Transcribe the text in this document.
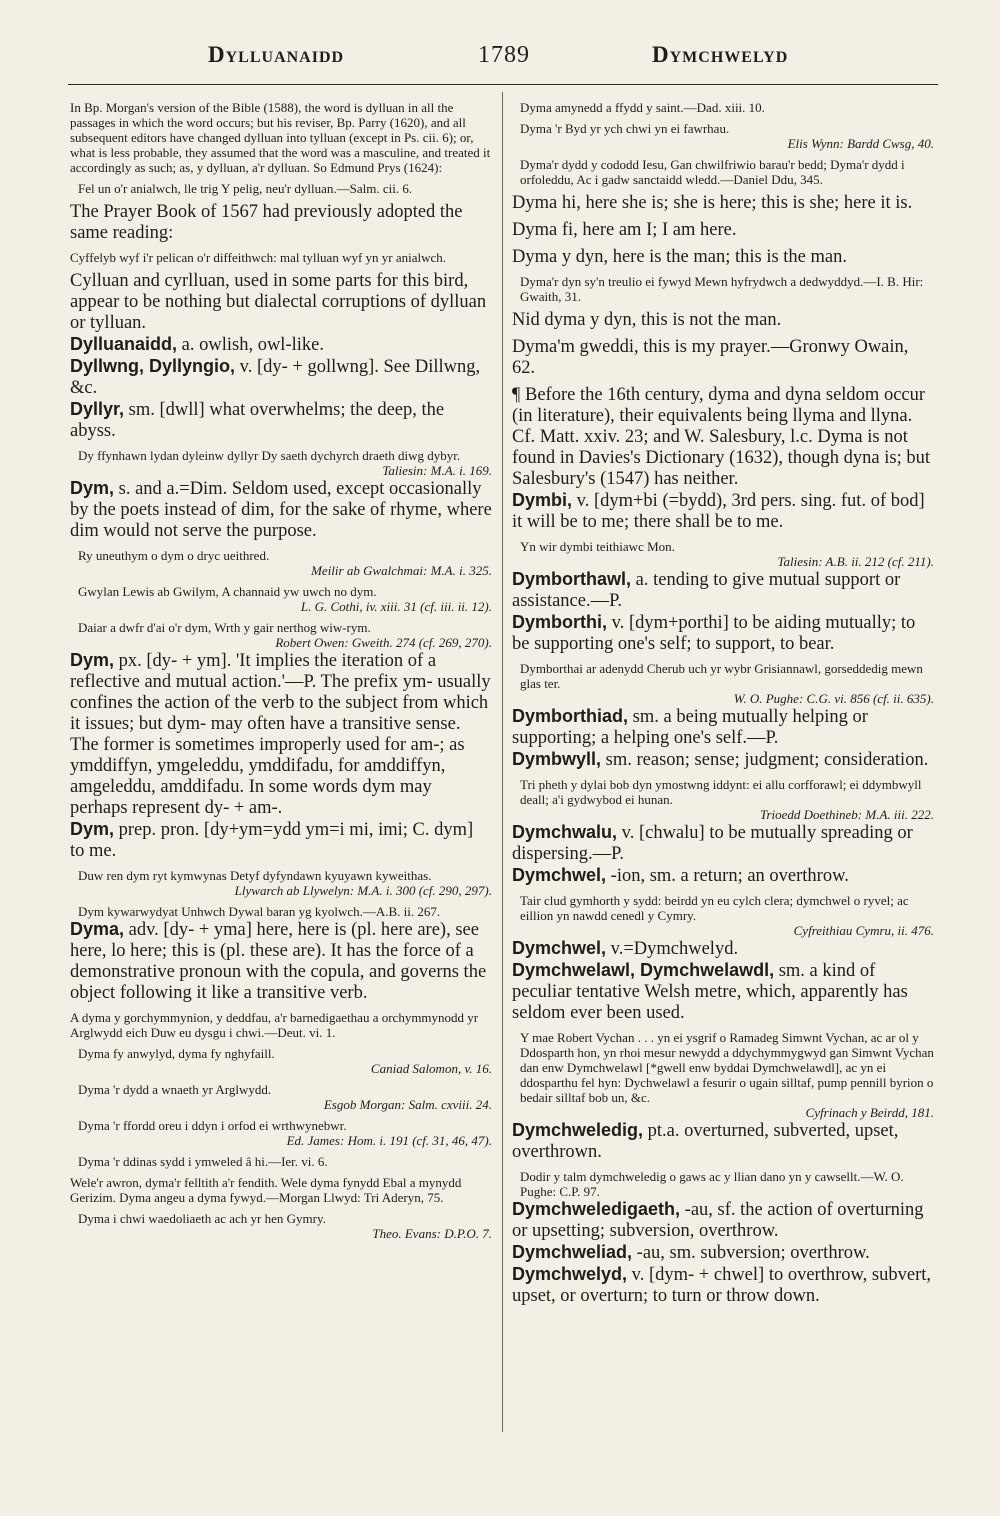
Dylluanaidd	1789	Dymchwelyd

In Bp. Morgan's version of the Bible (1588), the word is dylluan in all the passages in which the word occurs; but his reviser, Bp. Parry (1620), and all subsequent editors have changed dylluan into tylluan (except in Ps. cii. 6); or, what is less probable, they assumed that the word was a masculine, and treated it accordingly as such; as, y dylluan, a'r dylluan. So Edmund Prys (1624):

Fel un o'r anialwch, lle trig Y pelig, neu'r dylluan.—Salm. cii. 6.

The Prayer Book of 1567 had previously adopted the same reading:

Cyffelyb wyf i'r pelican o'r diffeithwch: mal tylluan wyf yn yr anialwch.

Cylluan and cyrlluan, used in some parts for this bird, appear to be nothing but dialectal corruptions of dylluan or tylluan.

Dylluanaidd, a. owlish, owl-like.

Dyllwng, Dyllyngio, v. [dy- + gollwng]. See Dillwng, &c.

Dyllyr, sm. [dwll] what overwhelms; the deep, the abyss.

Dy ffynhawn lydan dyleinw dyllyr Dy saeth dychyrch draeth diwg dybyr.

Taliesin: M.A. i. 169.

Dym, s. and a.=Dim. Seldom used, except occasionally by the poets instead of dim, for the sake of rhyme, where dim would not serve the purpose.

Ry uneuthym o dym o dryc ueithred.

Meilir ab Gwalchmai: M.A. i. 325.

Gwylan Lewis ab Gwilym, A channaid yw uwch no dym.

L. G. Cothi, iv. xiii. 31 (cf. iii. ii. 12).

Daiar a dwfr d'ai o'r dym, Wrth y gair nerthog wiw-rym.

Robert Owen: Gweith. 274 (cf. 269, 270).

Dym, px. [dy- + ym]. 'It implies the iteration of a reflective and mutual action.'—P. The prefix ym- usually confines the action of the verb to the subject from which it issues; but dym- may often have a transitive sense. The former is sometimes improperly used for am-; as ymddiffyn, ymgeleddu, ymddifadu, for amddiffyn, amgeleddu, amddifadu. In some words dym may perhaps represent dy- + am-.

Dym, prep. pron. [dy+ym=ydd ym=i mi, imi; C. dym] to me.

Duw ren dym ryt kymwynas Detyf dyfyndawn kyuyawn kyweithas.

Llywarch ab Llywelyn: M.A. i. 300 (cf. 290, 297).

Dym kywarwydyat Unhwch Dywal baran yg kyolwch.—A.B. ii. 267.

Dyma, adv. [dy- + yma] here, here is (pl. here are), see here, lo here; this is (pl. these are). It has the force of a demonstrative pronoun with the copula, and governs the object following it like a transitive verb.

A dyma y gorchymmynion, y deddfau, a'r barnedigaethau a orchymmynodd yr Arglwydd eich Duw eu dysgu i chwi.—Deut. vi. 1.

Dyma fy anwylyd, dyma fy nghyfaill.

Caniad Salomon, v. 16.

Dyma 'r dydd a wnaeth yr Arglwydd.

Esgob Morgan: Salm. cxviii. 24.

Dyma 'r ffordd oreu i ddyn i orfod ei wrthwynebwr.

Ed. James: Hom. i. 191 (cf. 31, 46, 47).

Dyma 'r ddinas sydd i ymweled â hi.—Ier. vi. 6.

Wele'r awron, dyma'r felltith a'r fendith. Wele dyma fynydd Ebal a mynydd Gerizim. Dyma angeu a dyma fywyd.—Morgan Llwyd: Tri Aderyn, 75.

Dyma i chwi waedoliaeth ac ach yr hen Gymry.

Theo. Evans: D.P.O. 7.

Dyma amynedd a ffydd y saint.—Dad. xiii. 10.

Dyma 'r Byd yr ych chwi yn ei fawrhau.

Elis Wynn: Bardd Cwsg, 40.

Dyma'r dydd y cododd Iesu, Gan chwilfriwio barau'r bedd; Dyma'r dydd i orfoleddu, Ac i gadw sanctaidd wledd.—Daniel Ddu, 345.

Dyma hi, here she is; she is here; this is she; here it is.

Dyma fi, here am I; I am here.

Dyma y dyn, here is the man; this is the man.

Dyma'r dyn sy'n treulio ei fywyd Mewn hyfrydwch a dedwyddyd.—I. B. Hir: Gwaith, 31.

Nid dyma y dyn, this is not the man.

Dyma'm gweddi, this is my prayer.—Gronwy Owain, 62.

¶ Before the 16th century, dyma and dyna seldom occur (in literature), their equivalents being llyma and llyna. Cf. Matt. xxiv. 23; and W. Salesbury, l.c. Dyma is not found in Davies's Dictionary (1632), though dyna is; but Salesbury's (1547) has neither.

Dymbi, v. [dym+bi (=bydd), 3rd pers. sing. fut. of bod] it will be to me; there shall be to me.

Yn wir dymbi teithiawc Mon.

Taliesin: A.B. ii. 212 (cf. 211).

Dymborthawl, a. tending to give mutual support or assistance.—P.

Dymborthi, v. [dym+porthi] to be aiding mutually; to be supporting one's self; to support, to bear.

Dymborthai ar adenydd Cherub uch yr wybr Grisiannawl, gorseddedig mewn glas ter.

W. O. Pughe: C.G. vi. 856 (cf. ii. 635).

Dymborthiad, sm. a being mutually helping or supporting; a helping one's self.—P.

Dymbwyll, sm. reason; sense; judgment; consideration.

Tri pheth y dylai bob dyn ymostwng iddynt: ei allu corfforawl; ei ddymbwyll deall; a'i gydwybod ei hunan.

Trioedd Doethineb: M.A. iii. 222.

Dymchwalu, v. [chwalu] to be mutually spreading or dispersing.—P.

Dymchwel, -ion, sm. a return; an overthrow.

Tair clud gymhorth y sydd: beirdd yn eu cylch clera; dymchwel o ryvel; ac eillion yn nawdd cenedl y Cymry.

Cyfreithiau Cymru, ii. 476.

Dymchwel, v.=Dymchwelyd.

Dymchwelawl, Dymchwelawdl, sm. a kind of peculiar tentative Welsh metre, which, apparently has seldom ever been used.

Y mae Robert Vychan . . . yn ei ysgrif o Ramadeg Simwnt Vychan, ac ar ol y Ddosparth hon, yn rhoi mesur newydd a ddychymmygwyd gan Simwnt Vychan dan enw Dymchwelawl [*gwell enw byddai Dymchwelawdl], ac yn ei ddosparthu fel hyn: Dychwelawl a fesurir o ugain silltaf, pump pennill byrion o bedair silltaf bob un, &c.

Cyfrinach y Beirdd, 181.

Dymchweledig, pt.a. overturned, subverted, upset, overthrown.

Dodir y talm dymchweledig o gaws ac y llian dano yn y cawsellt.—W. O. Pughe: C.P. 97.

Dymchweledigaeth, -au, sf. the action of overturning or upsetting; subversion, overthrow.

Dymchweliad, -au, sm. subversion; overthrow.

Dymchwelyd, v. [dym- + chwel] to overthrow, subvert, upset, or overturn; to turn or throw down.
